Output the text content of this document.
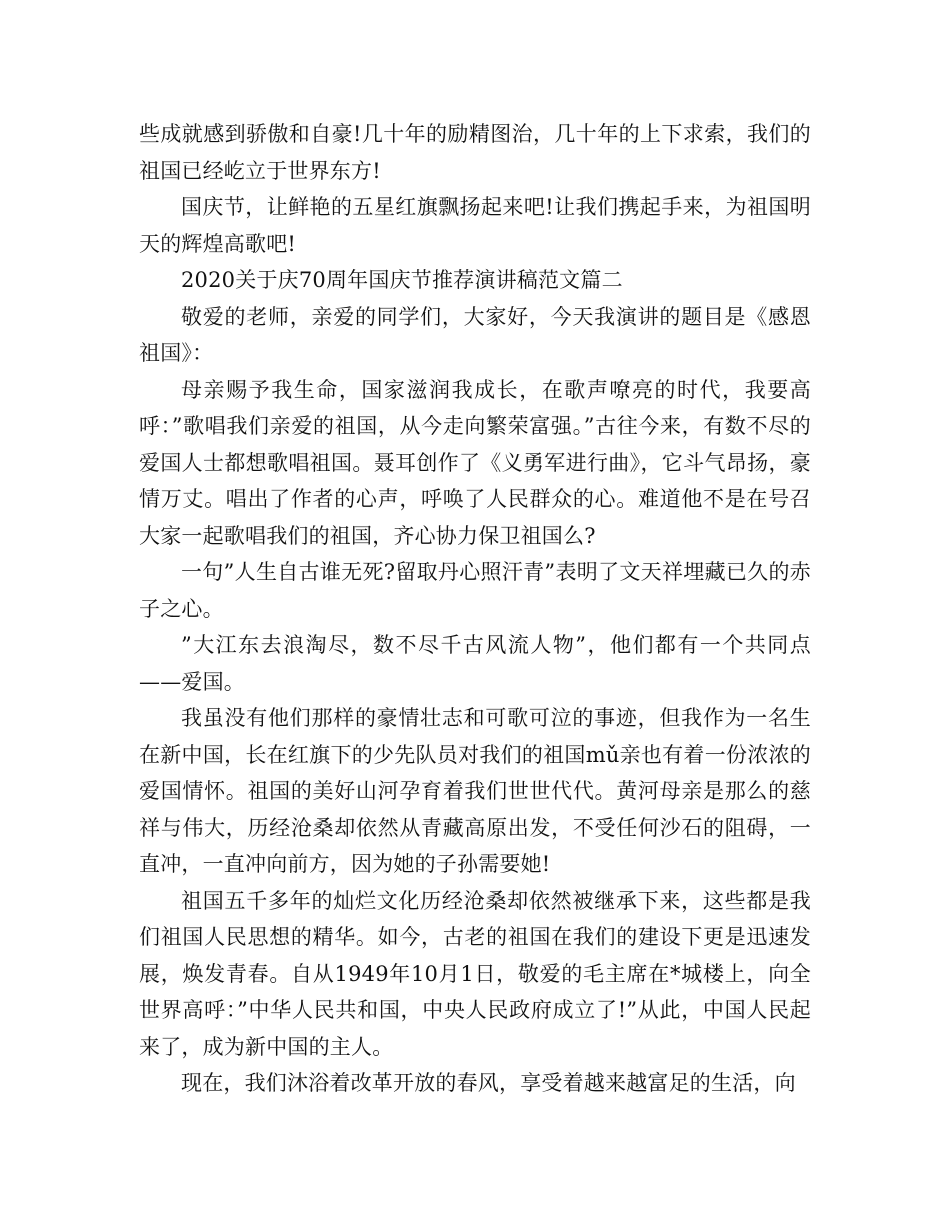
些成就感到骄傲和自豪!几十年的励精图治，几十年的上下求索，我们的祖国已经屹立于世界东方!

国庆节，让鲜艳的五星红旗飘扬起来吧!让我们携起手来，为祖国明天的辉煌高歌吧!

2020关于庆70周年国庆节推荐演讲稿范文篇二

敬爱的老师，亲爱的同学们，大家好，今天我演讲的题目是《感恩祖国》：

母亲赐予我生命，国家滋润我成长，在歌声嘹亮的时代，我要高呼：”歌唱我们亲爱的祖国，从今走向繁荣富强。”古往今来，有数不尽的爱国人士都想歌唱祖国。聂耳创作了《义勇军进行曲》，它斗气昂扬，豪情万丈。唱出了作者的心声，呼唤了人民群众的心。难道他不是在号召大家一起歌唱我们的祖国，齐心协力保卫祖国么?

一句”人生自古谁无死?留取丹心照汗青”表明了文天祥埋藏已久的赤子之心。

”大江东去浪淘尽，数不尽千古风流人物”，他们都有一个共同点——爱国。

我虽没有他们那样的豪情壮志和可歌可泣的事迹，但我作为一名生在新中国，长在红旗下的少先队员对我们的祖国mǔ亲也有着一份浓浓的爱国情怀。祖国的美好山河孕育着我们世世代代。黄河母亲是那么的慈祥与伟大，历经沧桑却依然从青藏高原出发，不受任何沙石的阻碍，一直冲，一直冲向前方，因为她的子孙需要她!

祖国五千多年的灿烂文化历经沧桑却依然被继承下来，这些都是我们祖国人民思想的精华。如今，古老的祖国在我们的建设下更是迅速发展，焕发青春。自从1949年10月1日，敬爱的毛主席在*城楼上，向全世界高呼：”中华人民共和国，中央人民政府成立了!”从此，中国人民起来了，成为新中国的主人。

现在，我们沐浴着改革开放的春风，享受着越来越富足的生活，向
